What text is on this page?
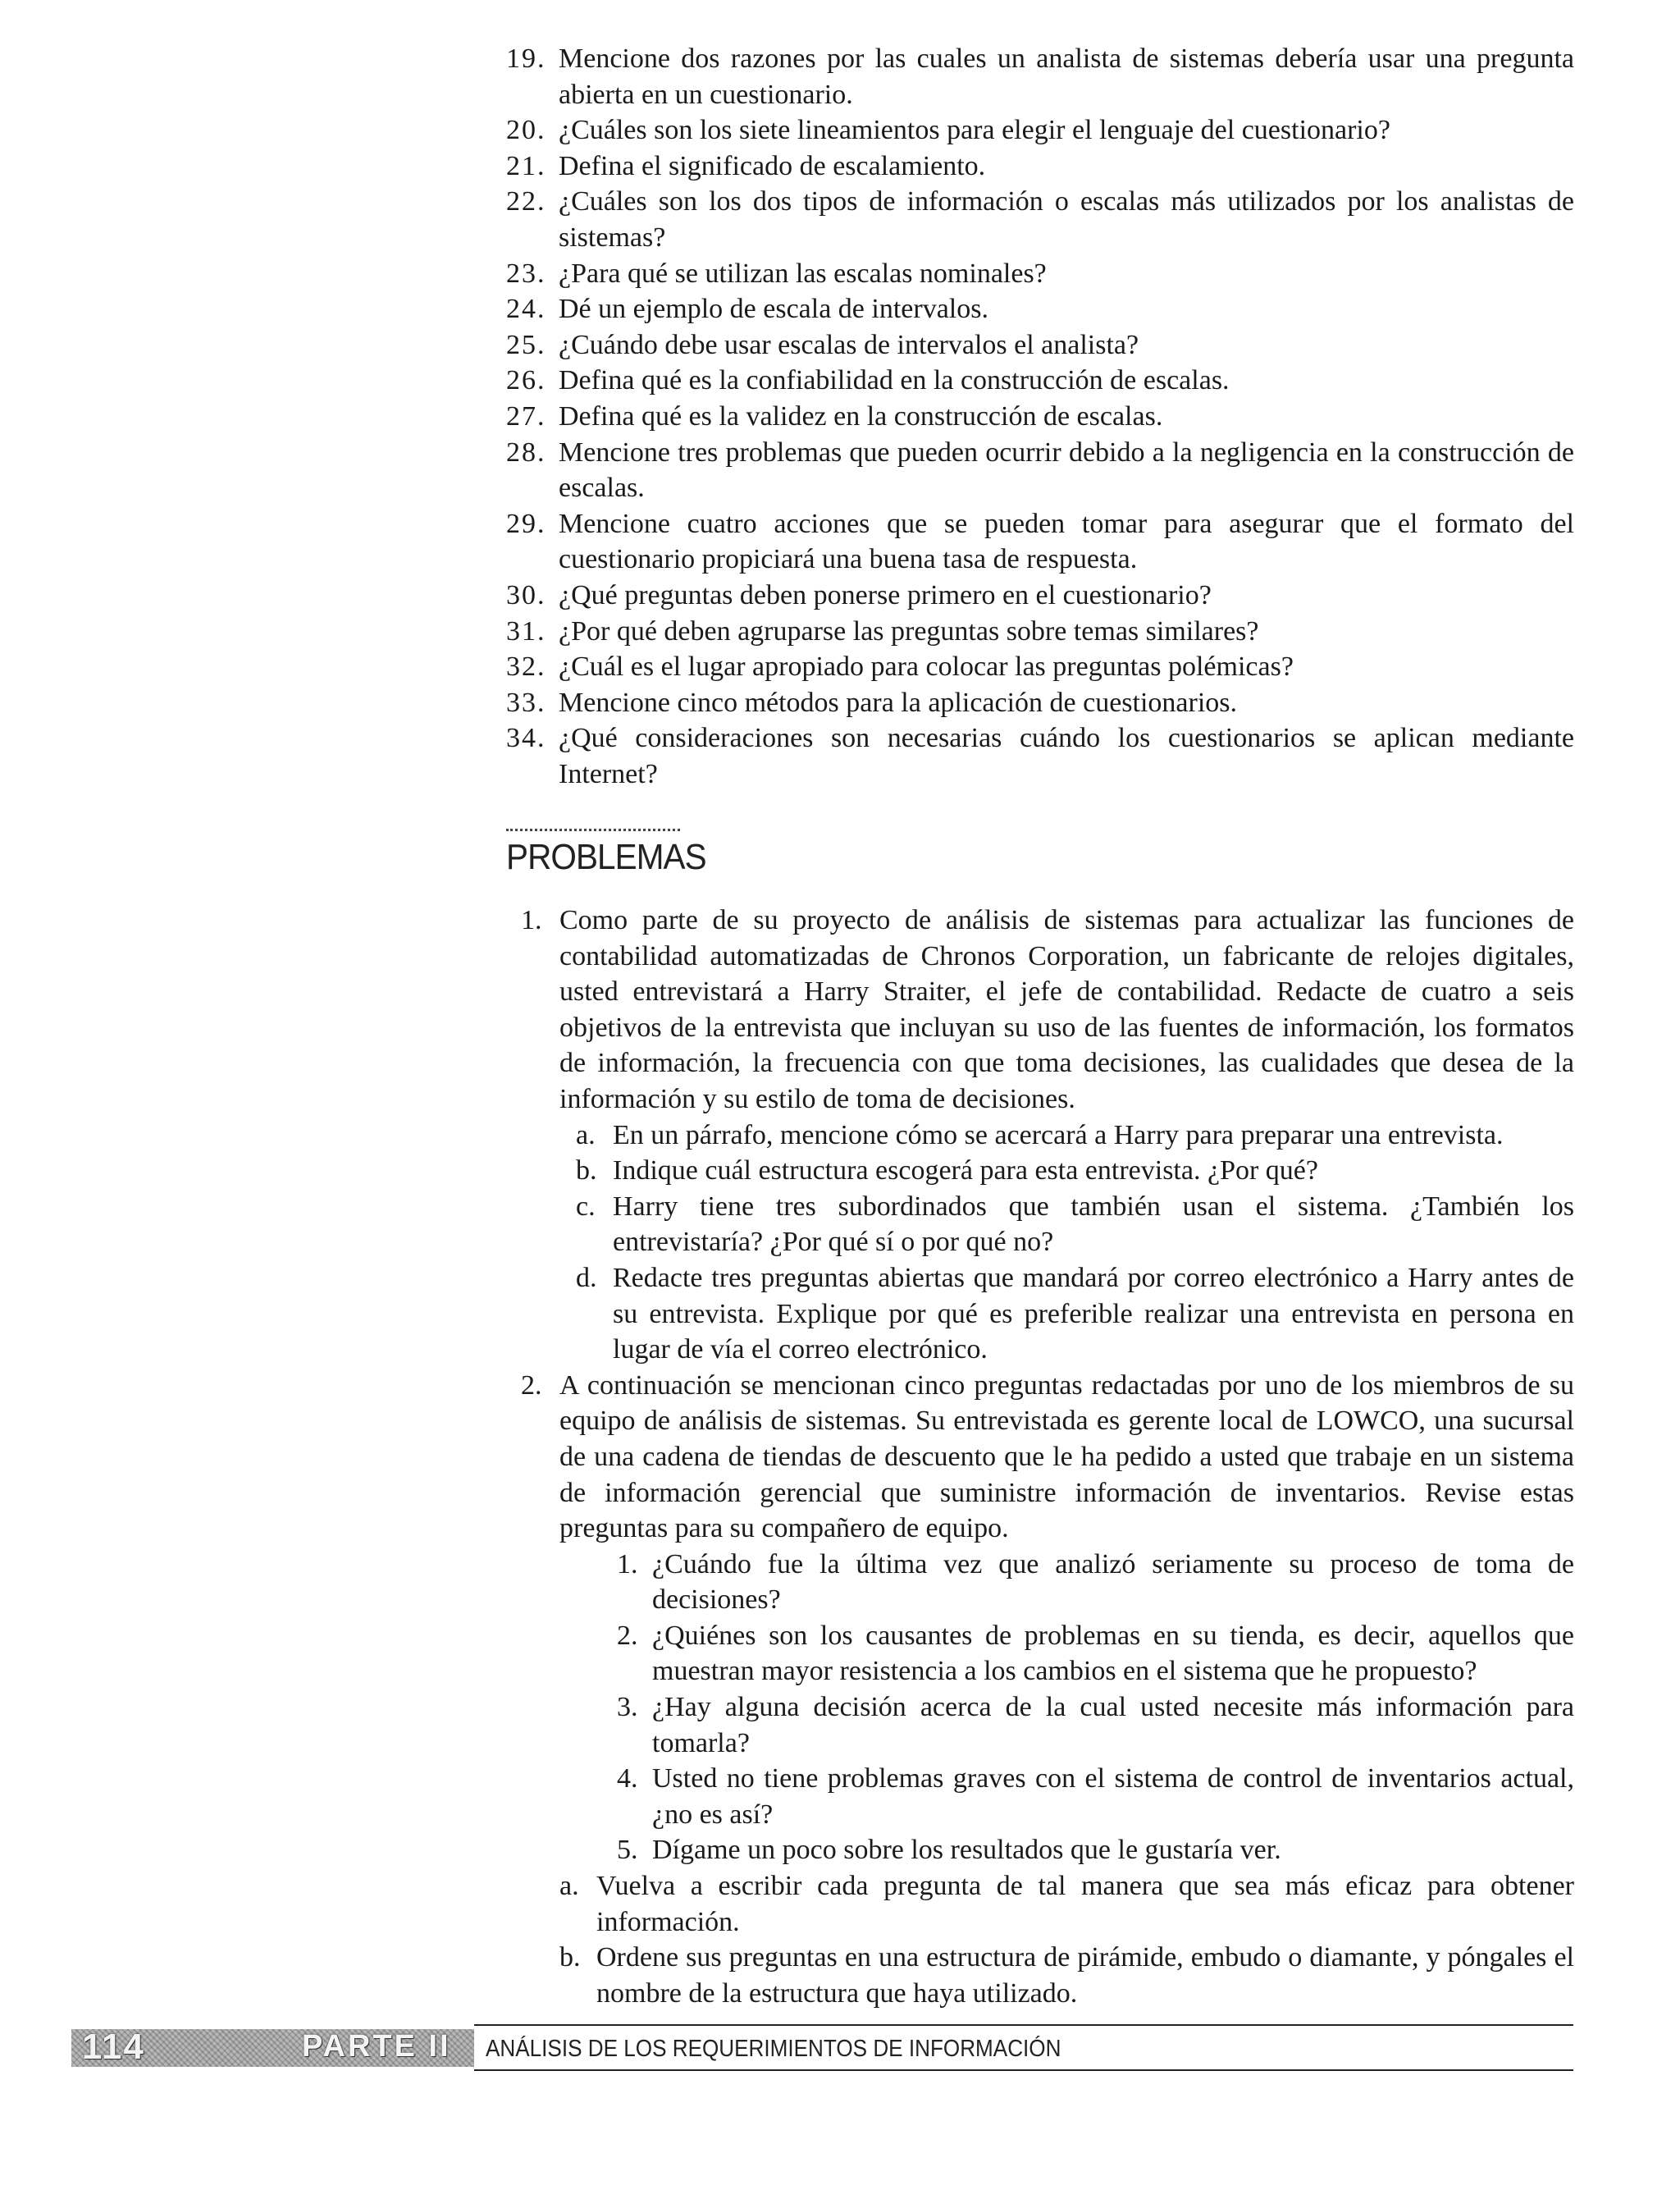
19. Mencione dos razones por las cuales un analista de sistemas debería usar una pregunta abierta en un cuestionario.
20. ¿Cuáles son los siete lineamientos para elegir el lenguaje del cuestionario?
21. Defina el significado de escalamiento.
22. ¿Cuáles son los dos tipos de información o escalas más utilizados por los analistas de sistemas?
23. ¿Para qué se utilizan las escalas nominales?
24. Dé un ejemplo de escala de intervalos.
25. ¿Cuándo debe usar escalas de intervalos el analista?
26. Defina qué es la confiabilidad en la construcción de escalas.
27. Defina qué es la validez en la construcción de escalas.
28. Mencione tres problemas que pueden ocurrir debido a la negligencia en la construcción de escalas.
29. Mencione cuatro acciones que se pueden tomar para asegurar que el formato del cuestionario propiciará una buena tasa de respuesta.
30. ¿Qué preguntas deben ponerse primero en el cuestionario?
31. ¿Por qué deben agruparse las preguntas sobre temas similares?
32. ¿Cuál es el lugar apropiado para colocar las preguntas polémicas?
33. Mencione cinco métodos para la aplicación de cuestionarios.
34. ¿Qué consideraciones son necesarias cuándo los cuestionarios se aplican mediante Internet?
PROBLEMAS
1. Como parte de su proyecto de análisis de sistemas para actualizar las funciones de contabilidad automatizadas de Chronos Corporation, un fabricante de relojes digitales, usted entrevistará a Harry Straiter, el jefe de contabilidad. Redacte de cuatro a seis objetivos de la entrevista que incluyan su uso de las fuentes de información, los formatos de información, la frecuencia con que toma decisiones, las cualidades que desea de la información y su estilo de toma de decisiones.
a. En un párrafo, mencione cómo se acercará a Harry para preparar una entrevista.
b. Indique cuál estructura escogerá para esta entrevista. ¿Por qué?
c. Harry tiene tres subordinados que también usan el sistema. ¿También los entrevistaría? ¿Por qué sí o por qué no?
d. Redacte tres preguntas abiertas que mandará por correo electrónico a Harry antes de su entrevista. Explique por qué es preferible realizar una entrevista en persona en lugar de vía el correo electrónico.
2. A continuación se mencionan cinco preguntas redactadas por uno de los miembros de su equipo de análisis de sistemas. Su entrevistada es gerente local de LOWCO, una sucursal de una cadena de tiendas de descuento que le ha pedido a usted que trabaje en un sistema de información gerencial que suministre información de inventarios. Revise estas preguntas para su compañero de equipo.
1. ¿Cuándo fue la última vez que analizó seriamente su proceso de toma de decisiones?
2. ¿Quiénes son los causantes de problemas en su tienda, es decir, aquellos que muestran mayor resistencia a los cambios en el sistema que he propuesto?
3. ¿Hay alguna decisión acerca de la cual usted necesite más información para tomarla?
4. Usted no tiene problemas graves con el sistema de control de inventarios actual, ¿no es así?
5. Dígame un poco sobre los resultados que le gustaría ver.
a. Vuelva a escribir cada pregunta de tal manera que sea más eficaz para obtener información.
b. Ordene sus preguntas en una estructura de pirámide, embudo o diamante, y póngales el nombre de la estructura que haya utilizado.
114	PARTE II ANÁLISIS DE LOS REQUERIMIENTOS DE INFORMACIÓN
